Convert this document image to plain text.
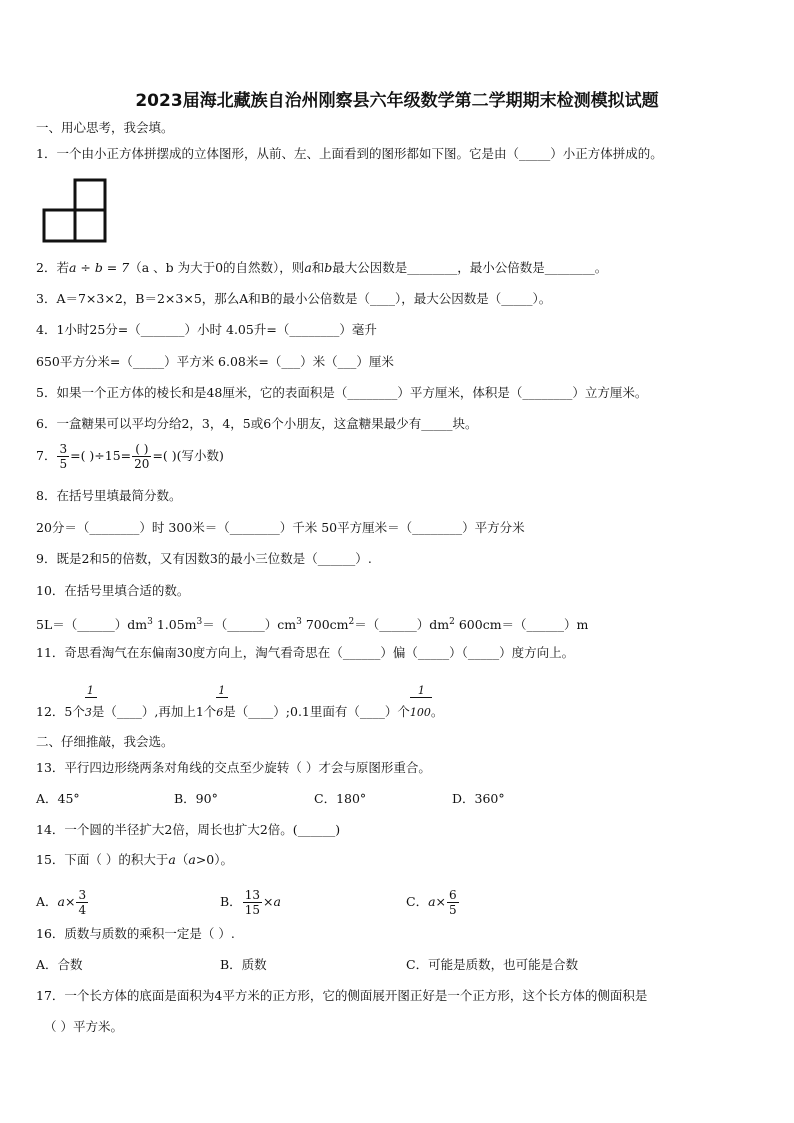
2023届海北藏族自治州刚察县六年级数学第二学期期末检测模拟试题
一、用心思考，我会填。
1．一个由小正方体拼摆成的立体图形，从前、左、上面看到的图形都如下图。它是由（_____）小正方体拼成的。
2．若a ÷ b = 7（a 、b 为大于0的自然数），则a和b最大公因数是________，最小公倍数是________。
3．A＝7×3×2，B＝2×3×5，那么A和B的最小公倍数是（____），最大公因数是（_____）。
4．1小时25分=（_______）小时 4.05升=（________）毫升
650平方分米=（_____）平方米 6.08米=（___）米（___）厘米
5．如果一个正方体的棱长和是48厘米，它的表面积是（________）平方厘米，体积是（________）立方厘米。
6．一盒糖果可以平均分给2，3，4，5或6个小朋友，这盒糖果最少有_____块。
7． $\frac{3}{5}$ =( )$\div 15= \frac{( )}{20}$ =( )(写小数)
8．在括号里填最简分数。
20分＝（________）时 300米＝（________）千米 50平方厘米＝（________）平方分米
9．既是2和5的倍数，又有因数3的最小三位数是（______）.
10．在括号里填合适的数。
$5L=(\_\_\_\_\_\_)dm^3$ $1.05m^3=(\_\_\_\_\_\_)cm^3$ $700cm^2=(\_\_\_\_\_\_)dm^2$ 600cm＝（______）m
11．奇思看淘气在东偏南30度方向上，淘气看奇思在（______）偏（_____）（_____）度方向上。
12．5个 $\frac{1}{3}$是（____）,再加上1个 $\frac{1}{6}$是（____）;0.1里面有（____）个 $\frac{1}{100}$。
二、仔细推敲，我会选。
13．平行四边形绕两条对角线的交点至少旋转（ ）才会与原图形重合。
A．45°	B．90°	C．180°	D．360°
14．一个圆的半径扩大2倍，周长也扩大2倍。(______)
15．下面（ ）的积大于a（a>0）。
A．$a\times \frac{3}{4}$	B． $\frac{13}{15} \times a$	C．$a\times \frac{6}{5}$
16．质数与质数的乘积一定是（ ）.
A．合数	B．质数	C．可能是质数，也可能是合数
17．一个长方体的底面是面积为4平方米的正方形，它的侧面展开图正好是一个正方形，这个长方体的侧面积是
（ ）平方米。
